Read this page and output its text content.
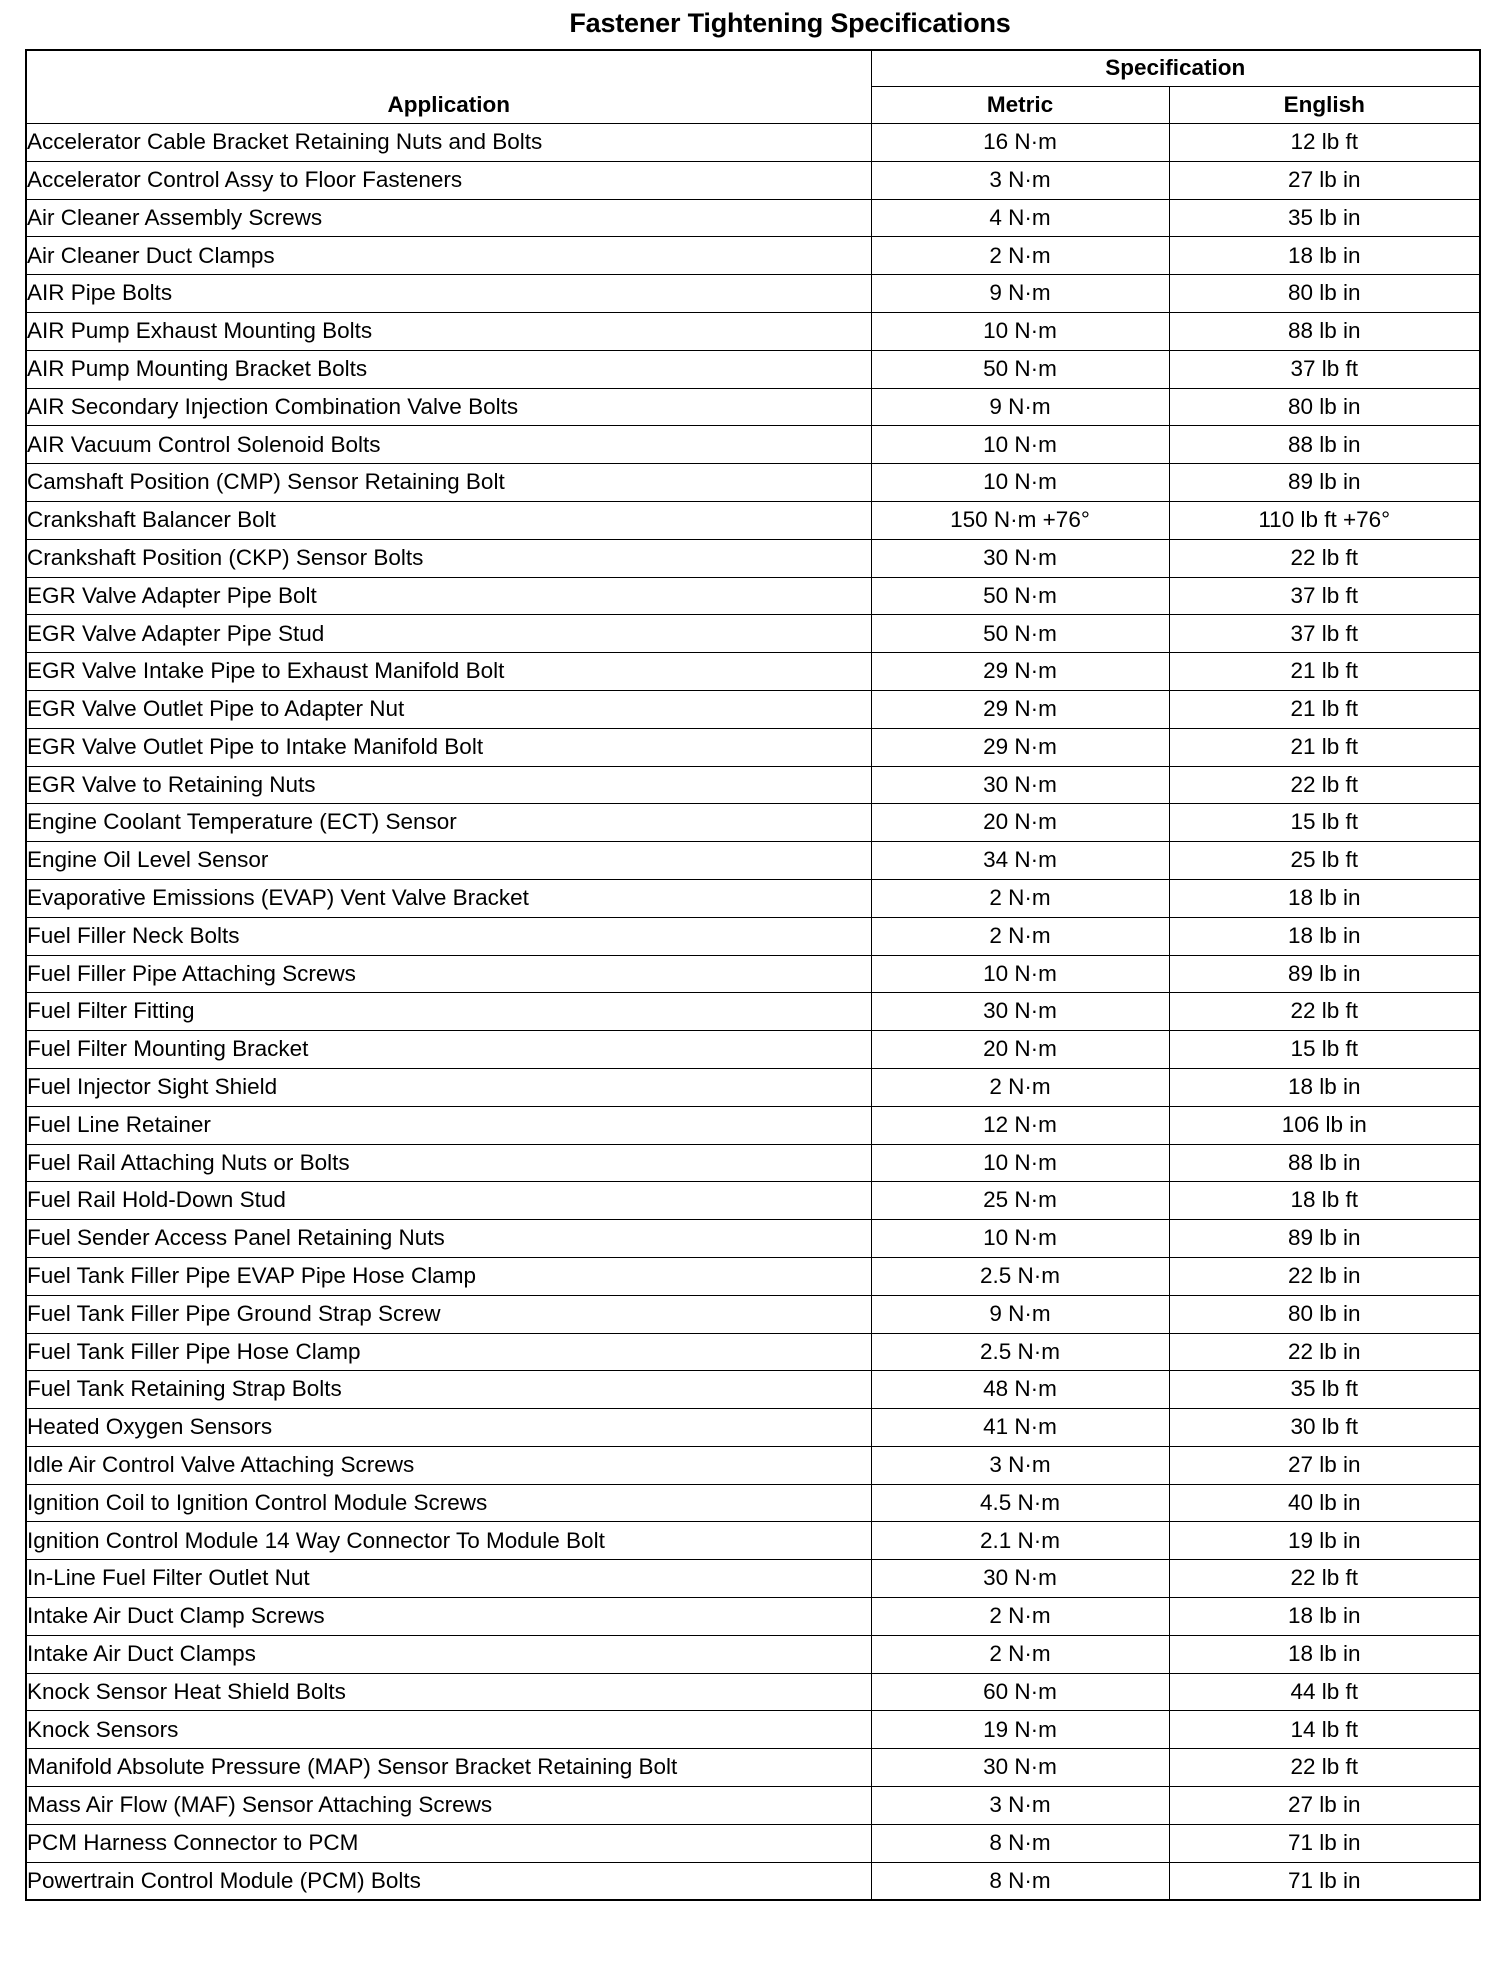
Fastener Tightening Specifications
Application	Specification	
	Metric	English
Accelerator Cable Bracket Retaining Nuts and Bolts	16 N·m	12 lb ft
Accelerator Control Assy to Floor Fasteners	3 N·m	27 lb in
Air Cleaner Assembly Screws	4 N·m	35 lb in
Air Cleaner Duct Clamps	2 N·m	18 lb in
AIR Pipe Bolts	9 N·m	80 lb in
AIR Pump Exhaust Mounting Bolts	10 N·m	88 lb in
AIR Pump Mounting Bracket Bolts	50 N·m	37 lb ft
AIR Secondary Injection Combination Valve Bolts	9 N·m	80 lb in
AIR Vacuum Control Solenoid Bolts	10 N·m	88 lb in
Camshaft Position (CMP) Sensor Retaining Bolt	10 N·m	89 lb in
Crankshaft Balancer Bolt	150 N·m +76°	110 lb ft +76°
Crankshaft Position (CKP) Sensor Bolts	30 N·m	22 lb ft
EGR Valve Adapter Pipe Bolt	50 N·m	37 lb ft
EGR Valve Adapter Pipe Stud	50 N·m	37 lb ft
EGR Valve Intake Pipe to Exhaust Manifold Bolt	29 N·m	21 lb ft
EGR Valve Outlet Pipe to Adapter Nut	29 N·m	21 lb ft
EGR Valve Outlet Pipe to Intake Manifold Bolt	29 N·m	21 lb ft
EGR Valve to Retaining Nuts	30 N·m	22 lb ft
Engine Coolant Temperature (ECT) Sensor	20 N·m	15 lb ft
Engine Oil Level Sensor	34 N·m	25 lb ft
Evaporative Emissions (EVAP) Vent Valve Bracket	2 N·m	18 lb in
Fuel Filler Neck Bolts	2 N·m	18 lb in
Fuel Filler Pipe Attaching Screws	10 N·m	89 lb in
Fuel Filter Fitting	30 N·m	22 lb ft
Fuel Filter Mounting Bracket	20 N·m	15 lb ft
Fuel Injector Sight Shield	2 N·m	18 lb in
Fuel Line Retainer	12 N·m	106 lb in
Fuel Rail Attaching Nuts or Bolts	10 N·m	88 lb in
Fuel Rail Hold-Down Stud	25 N·m	18 lb ft
Fuel Sender Access Panel Retaining Nuts	10 N·m	89 lb in
Fuel Tank Filler Pipe EVAP Pipe Hose Clamp	2.5 N·m	22 lb in
Fuel Tank Filler Pipe Ground Strap Screw	9 N·m	80 lb in
Fuel Tank Filler Pipe Hose Clamp	2.5 N·m	22 lb in
Fuel Tank Retaining Strap Bolts	48 N·m	35 lb ft
Heated Oxygen Sensors	41 N·m	30 lb ft
Idle Air Control Valve Attaching Screws	3 N·m	27 lb in
Ignition Coil to Ignition Control Module Screws	4.5 N·m	40 lb in
Ignition Control Module 14 Way Connector To Module Bolt	2.1 N·m	19 lb in
In-Line Fuel Filter Outlet Nut	30 N·m	22 lb ft
Intake Air Duct Clamp Screws	2 N·m	18 lb in
Intake Air Duct Clamps	2 N·m	18 lb in
Knock Sensor Heat Shield Bolts	60 N·m	44 lb ft
Knock Sensors	19 N·m	14 lb ft
Manifold Absolute Pressure (MAP) Sensor Bracket Retaining Bolt	30 N·m	22 lb ft
Mass Air Flow (MAF) Sensor Attaching Screws	3 N·m	27 lb in
PCM Harness Connector to PCM	8 N·m	71 lb in
Powertrain Control Module (PCM) Bolts	8 N·m	71 lb in
